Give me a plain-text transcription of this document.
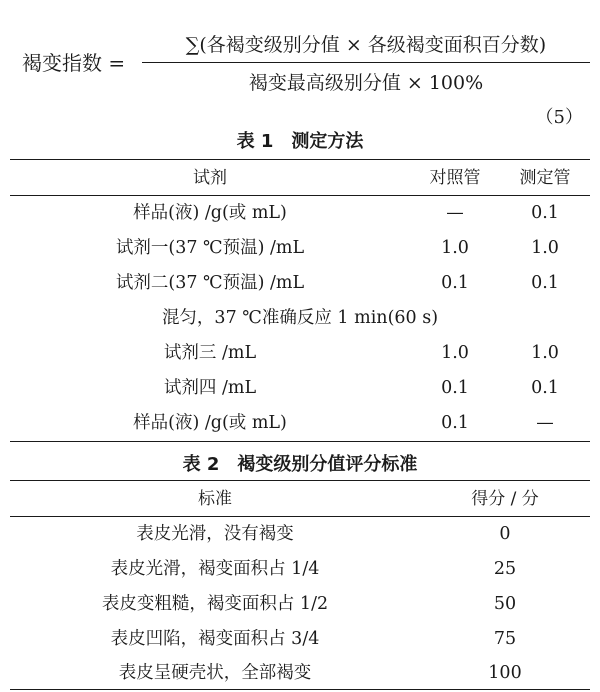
褐变指数 =
∑(各褐变级别分值 × 各级褐变面积百分数)
褐变最高级别分值 × 100%
（5）
表 1　测定方法
试剂	对照管	测定管
样品(液) /g(或 mL)	—	0.1
试剂一(37 ℃预温) /mL	1.0	1.0
试剂二(37 ℃预温) /mL	0.1	0.1
混匀，37 ℃准确反应 1 min(60 s)
试剂三 /mL	1.0	1.0
试剂四 /mL	0.1	0.1
样品(液) /g(或 mL)	0.1	—
表 2　褐变级别分值评分标准
标准	得分 / 分
表皮光滑，没有褐变	0
表皮光滑，褐变面积占 1/4	25
表皮变粗糙，褐变面积占 1/2	50
表皮凹陷，褐变面积占 3/4	75
表皮呈硬壳状，全部褐变	100
